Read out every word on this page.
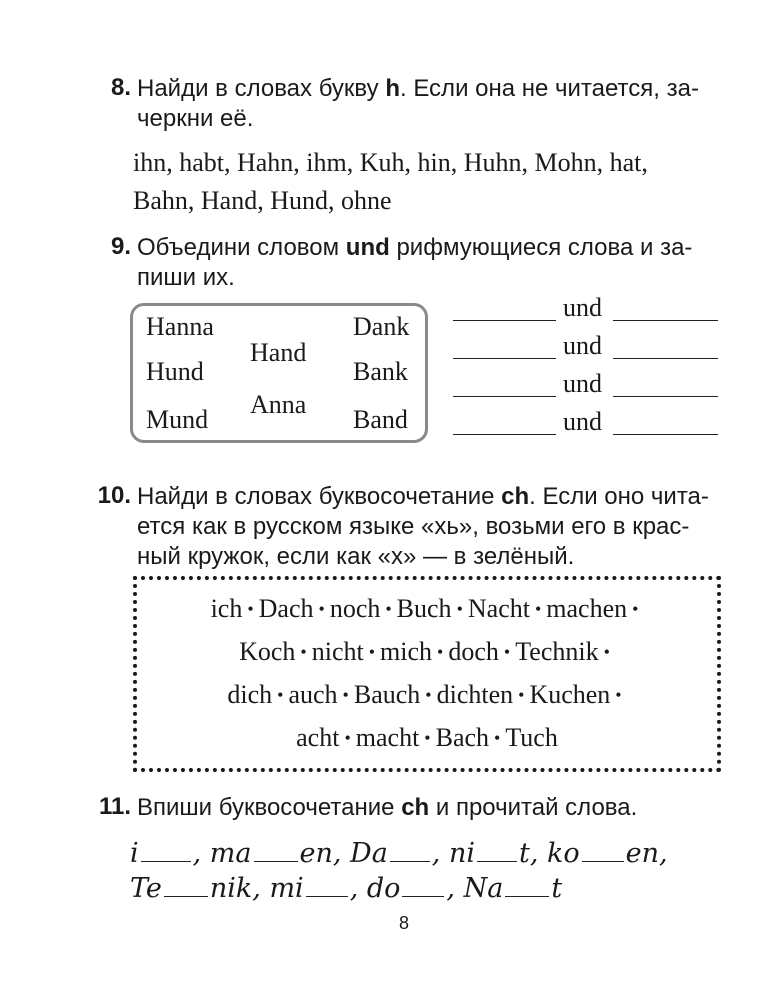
8. Найди в словах букву h. Если она не читается, за-
черкни её.
ihn, habt, Hahn, ihm, Kuh, hin, Huhn, Mohn, hat,
Bahn, Hand, Hund, ohne
9. Объедини словом und рифмующиеся слова и за-
пиши их.
Hanna
Hund
Mund
Hand
Anna
Dank
Bank
Band
und
und
und
und
10. Найди в словах буквосочетание ch. Если оно чита-
ется как в русском языке «хь», возьми его в крас-
ный кружок, если как «х» — в зелёный.
ich • Dach • noch • Buch • Nacht • machen •
Koch • nicht • mich • doch • Technik •
dich • auch • Bauch • dichten • Kuchen •
acht • macht • Bach • Tuch
11. Впиши буквосочетание ch и прочитай слова.
i , ma en, Da , ni t, ko en,
Te nik, mi , do , Na t
8
